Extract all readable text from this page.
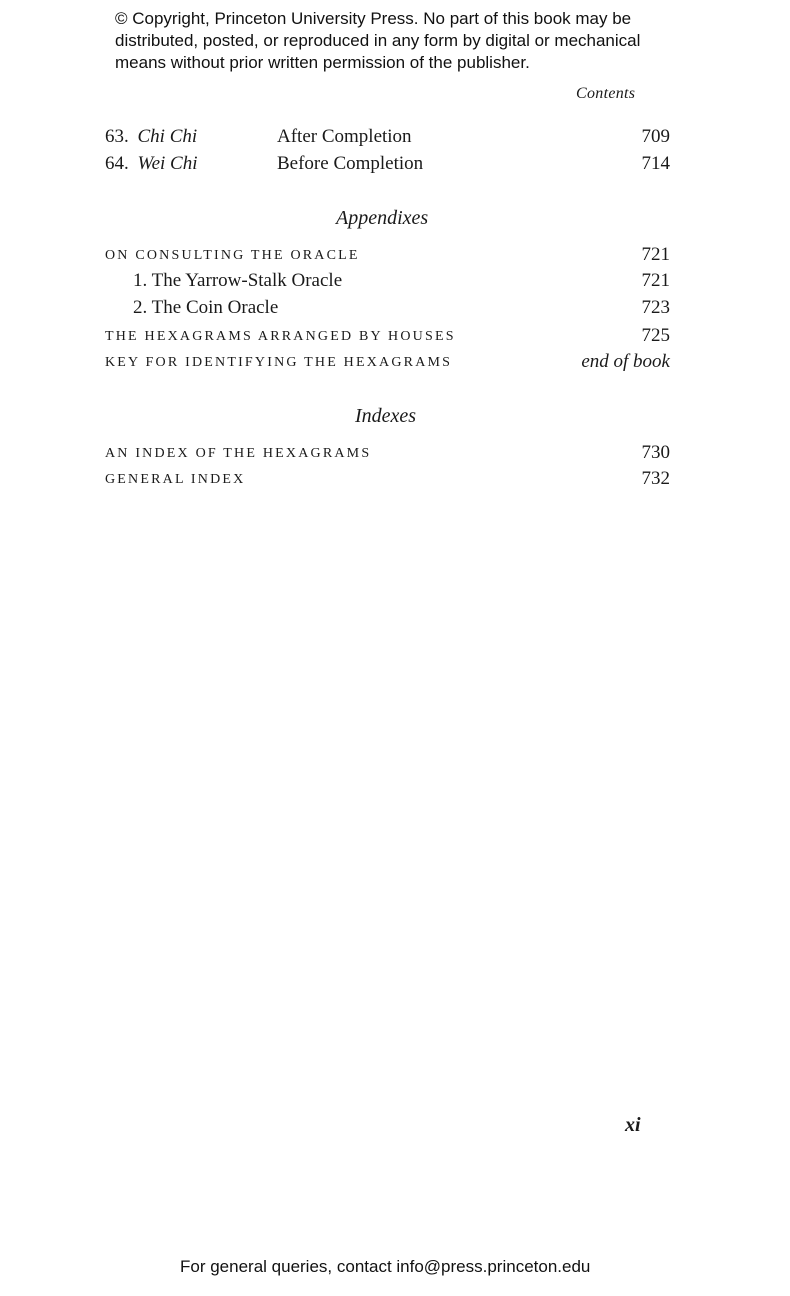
© Copyright, Princeton University Press. No part of this book may be
distributed, posted, or reproduced in any form by digital or mechanical
means without prior written permission of the publisher.
Contents
63. Chi Chi	After Completion	709
64. Wei Chi	Before Completion	714
Appendixes
ON CONSULTING THE ORACLE	721
1. The Yarrow-Stalk Oracle	721
2. The Coin Oracle	723
THE HEXAGRAMS ARRANGED BY HOUSES	725
KEY FOR IDENTIFYING THE HEXAGRAMS	end of book
Indexes
AN INDEX OF THE HEXAGRAMS	730
GENERAL INDEX	732
xi
For general queries, contact info@press.princeton.edu
